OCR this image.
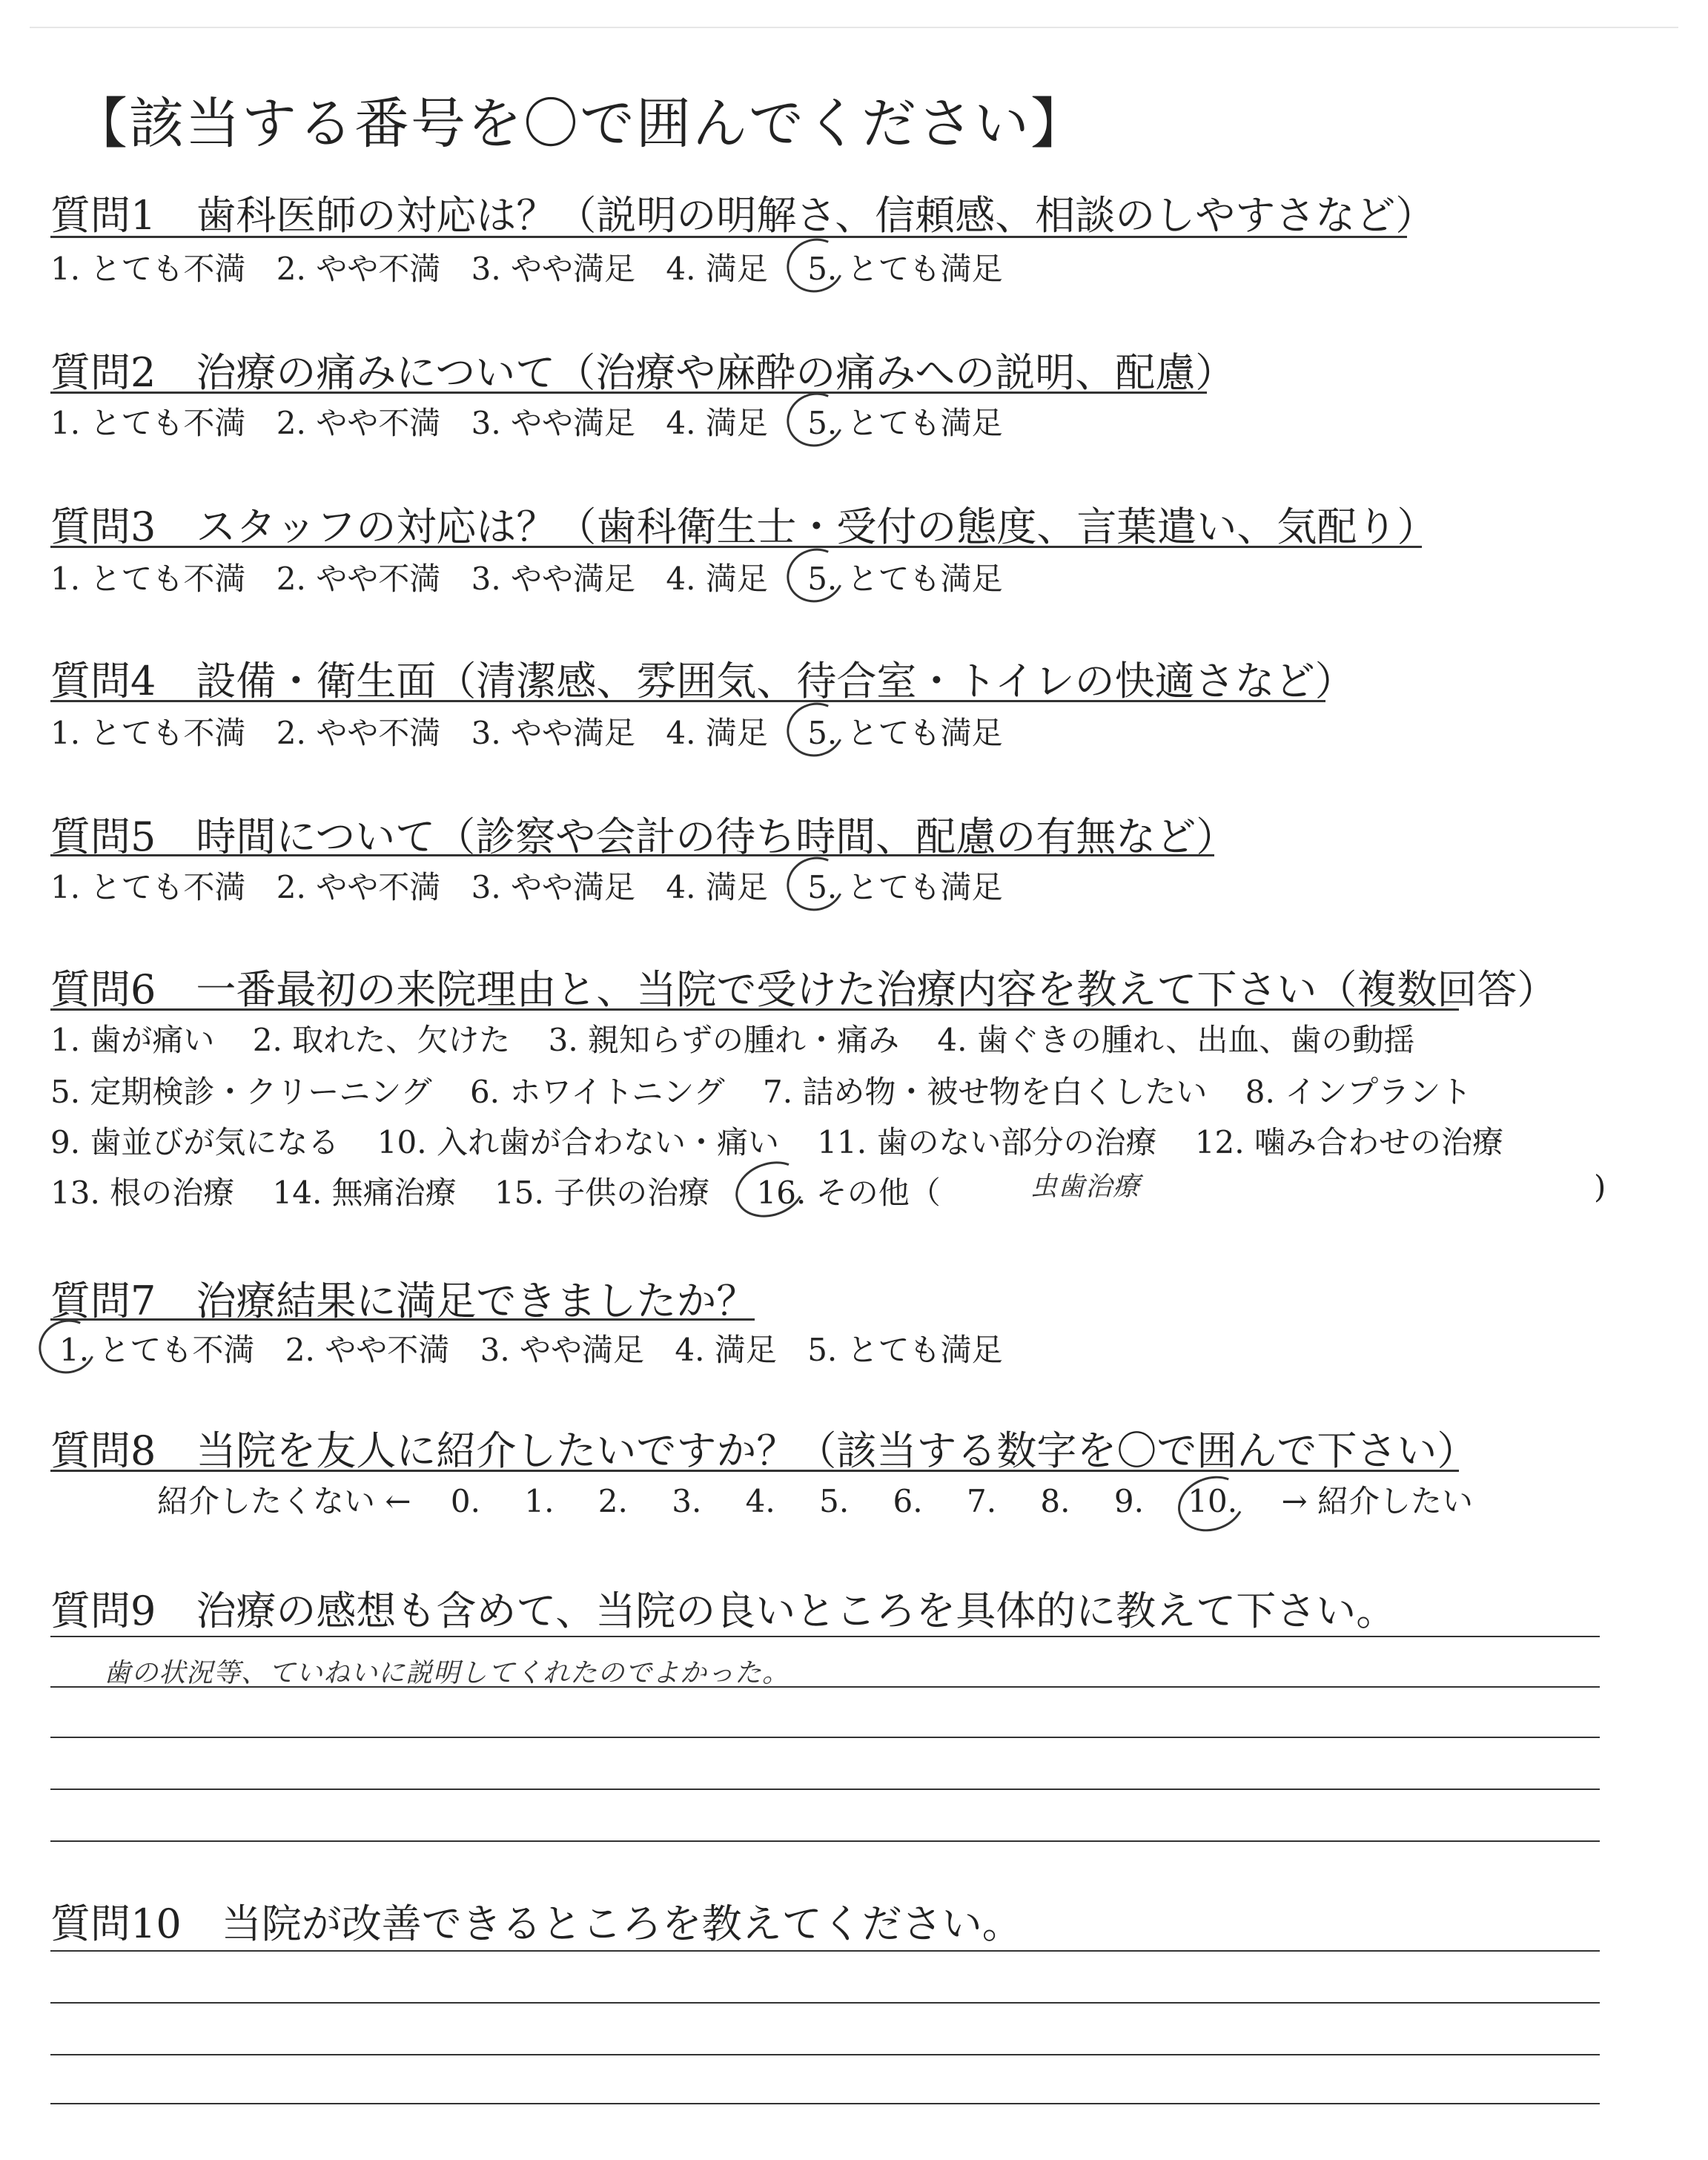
【該当する番号を〇で囲んでください】
質問1　歯科医師の対応は？（説明の明解さ、信頼感、相談のしやすさなど）
1. とても不満 2. やや不満 3. やや満足 4. 満足 5. とても満足
質問2　治療の痛みについて（治療や麻酔の痛みへの説明、配慮）
1. とても不満 2. やや不満 3. やや満足 4. 満足 5. とても満足
質問3　スタッフの対応は？（歯科衛生士・受付の態度、言葉遣い、気配り）
1. とても不満 2. やや不満 3. やや満足 4. 満足 5. とても満足
質問4　設備・衛生面（清潔感、雰囲気、待合室・トイレの快適さなど）
1. とても不満 2. やや不満 3. やや満足 4. 満足 5. とても満足
質問5　時間について（診察や会計の待ち時間、配慮の有無など）
1. とても不満 2. やや不満 3. やや満足 4. 満足 5. とても満足
質問6　一番最初の来院理由と、当院で受けた治療内容を教えて下さい（複数回答）
1. 歯が痛い 2. 取れた、欠けた 3. 親知らずの腫れ・痛み 4. 歯ぐきの腫れ、出血、歯の動揺
5. 定期検診・クリーニング 6. ホワイトニング 7. 詰め物・被せ物を白くしたい 8. インプラント
9. 歯並びが気になる 10. 入れ歯が合わない・痛い 11. 歯のない部分の治療 12. 噛み合わせの治療
13. 根の治療 14. 無痛治療 15. 子供の治療 16. その他（	虫歯治療	)
質問7　治療結果に満足できましたか？
1. とても不満 2. やや不満 3. やや満足 4. 満足 5. とても満足
質問8　当院を友人に紹介したいですか？（該当する数字を〇で囲んで下さい）
紹介したくない ← 0. 1. 2. 3. 4. 5. 6. 7. 8. 9. 10. → 紹介したい
質問9　治療の感想も含めて、当院の良いところを具体的に教えて下さい。
歯の状況等、ていねいに説明してくれたのでよかった。
質問10　当院が改善できるところを教えてください。
